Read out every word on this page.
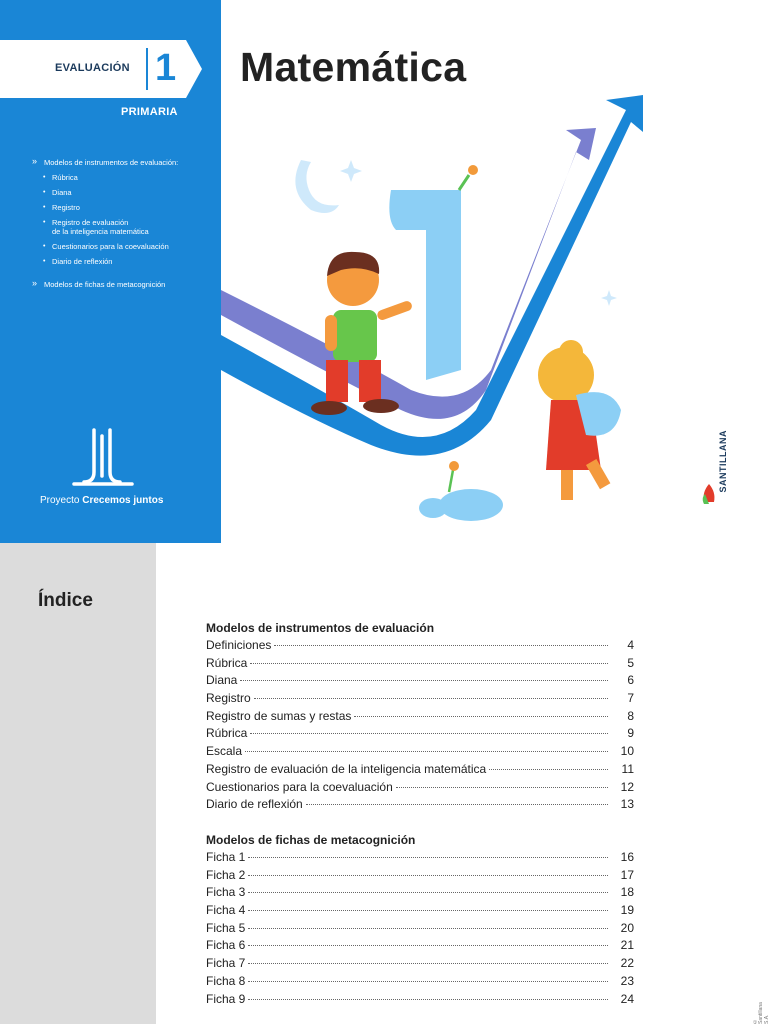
EVALUACIÓN 1
PRIMARIA
» Modelos de instrumentos de evaluación:
• Rúbrica
• Diana
• Registro
• Registro de evaluación
de la inteligencia matemática
• Cuestionarios para la coevaluación
• Diario de reflexión
» Modelos de fichas de metacognición
Proyecto Crecemos juntos
Matemática
SANTILLANA
Índice
Modelos de instrumentos de evaluación
Definiciones	4
Rúbrica	5
Diana	6
Registro	7
Registro de sumas y restas	8
Rúbrica	9
Escala	10
Registro de evaluación de la inteligencia matemática	11
Cuestionarios para la coevaluación	12
Diario de reflexión	13
Modelos de fichas de metacognición
Ficha 1	16
Ficha 2	17
Ficha 3	18
Ficha 4	19
Ficha 5	20
Ficha 6	21
Ficha 7	22
Ficha 8	23
Ficha 9	24
© Santillana S.A.
